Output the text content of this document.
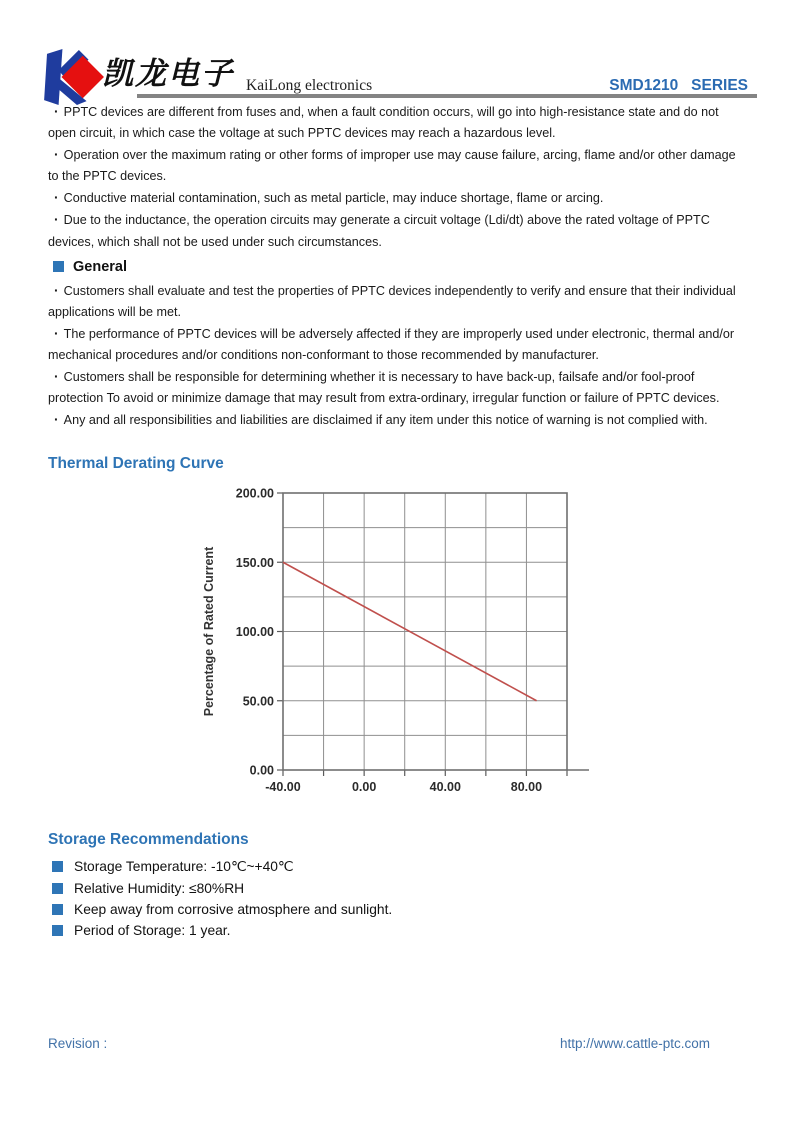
凯龙电子 KaiLong electronics	SMD1210   SERIES

· PPTC devices are different from fuses and, when a fault condition occurs, will go into high-resistance state and do not open circuit, in which case the voltage at such PPTC devices may reach a hazardous level.

· Operation over the maximum rating or other forms of improper use may cause failure, arcing, flame and/or other damage to the PPTC devices.

· Conductive material contamination, such as metal particle, may induce shortage, flame or arcing.

· Due to the inductance, the operation circuits may generate a circuit voltage (Ldi/dt) above the rated voltage of PPTC devices, which shall not be used under such circumstances.

General

· Customers shall evaluate and test the properties of PPTC devices independently to verify and ensure that their individual applications will be met.

· The performance of PPTC devices will be adversely affected if they are improperly used under electronic, thermal and/or mechanical procedures and/or conditions non-conformant to those recommended by manufacturer.

· Customers shall be responsible for determining whether it is necessary to have back-up, failsafe and/or fool-proof protection To avoid or minimize damage that may result from extra-ordinary, irregular function or failure of PPTC devices.

· Any and all responsibilities and liabilities are disclaimed if any item under this notice of warning is not complied with.

Thermal Derating Curve
-40.00	0.00	40.00	80.00
0.00
50.00
100.00
150.00
200.00
Percentage of Rated Current
Storage Recommendations
Storage Temperature: -10℃~+40℃
Relative Humidity: ≤80%RH
Keep away from corrosive atmosphere and sunlight.
Period of Storage: 1 year.
Revision :	http://www.cattle-ptc.com
